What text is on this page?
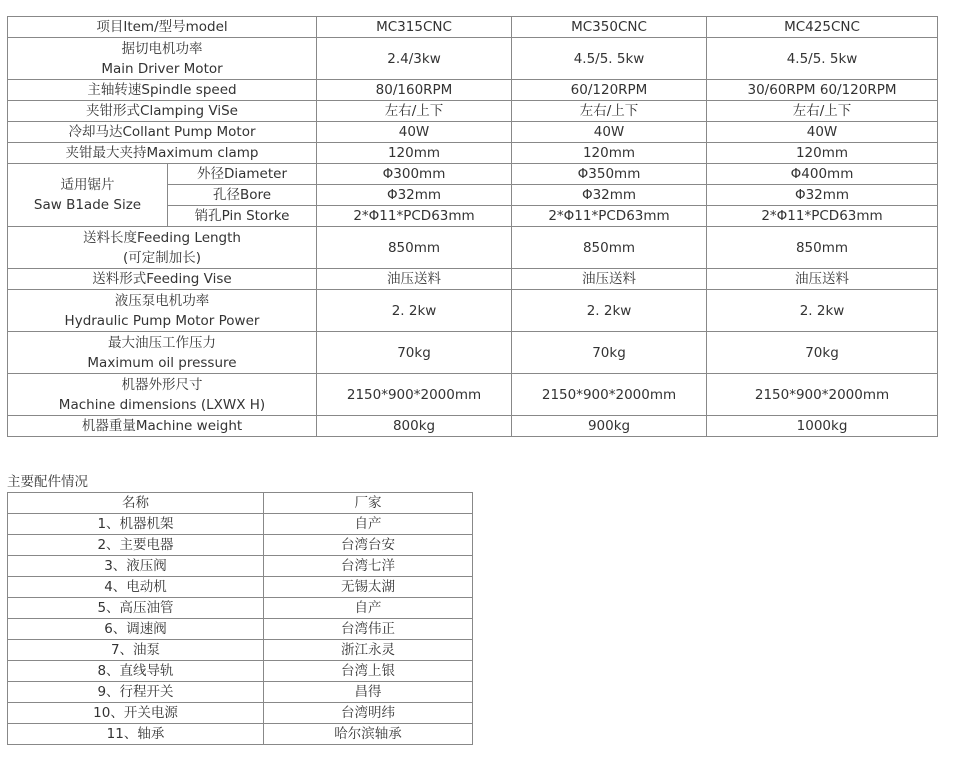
项目Item/型号model		MC315CNC	MC350CNC	MC425CNC

据切电机功率
Main Driver Motor		2.4/3kw	4.5/5. 5kw	4.5/5. 5kw

主轴转速Spindle speed		80/160RPM	60/120RPM	30/60RPM 60/120RPM

夹钳形式Clamping ViSe		左右/上下	左右/上下	左右/上下

冷却马达Collant Pump Motor		40W	40W	40W

夹钳最大夹持Maximum clamp		120mm	120mm	120mm

适用锯片
Saw B1ade Size	外径Diameter	Φ300mm	Φ350mm	Φ400mm
	孔径Bore	Φ32mm	Φ32mm	Φ32mm
	销孔Pin Storke	2*Φ11*PCD63mm	2*Φ11*PCD63mm	2*Φ11*PCD63mm

送料长度Feeding Length
(可定制加长)		850mm	850mm	850mm

送料形式Feeding Vise		油压送料	油压送料	油压送料

液压泵电机功率
Hydraulic Pump Motor Power		2. 2kw	2. 2kw	2. 2kw

最大油压工作压力
Maximum oil pressure		70kg	70kg	70kg

机器外形尺寸
Machine dimensions (LXWX H)		2150*900*2000mm	2150*900*2000mm	2150*900*2000mm

机器重量Machine weight		800kg	900kg	1000kg
主要配件情况
名称	厂家
1、机器机架	自产
2、主要电器	台湾台安
3、液压阀	台湾七洋
4、电动机	无锡太湖
5、高压油管	自产
6、调速阀	台湾伟正
7、油泵	浙江永灵
8、直线导轨	台湾上银
9、行程开关	昌得
10、开关电源	台湾明纬
11、轴承	哈尔滨轴承
